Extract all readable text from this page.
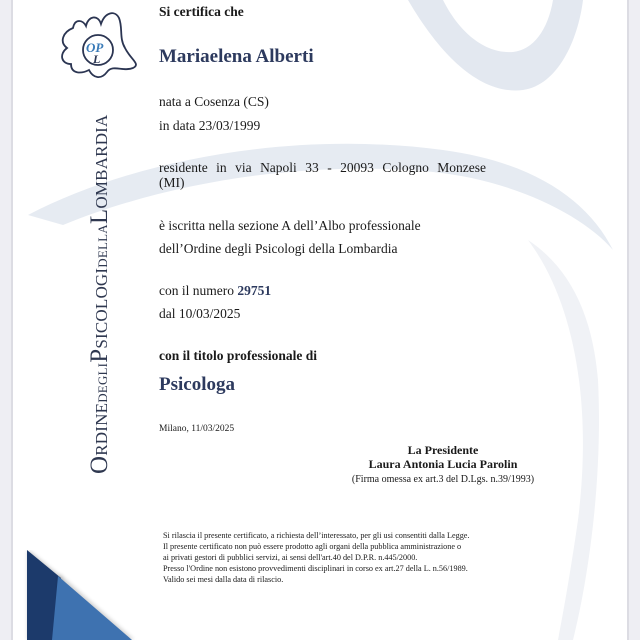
OP
L
ORDINEDEGLIPSICOLOGIDELLALOMBARDIA
Si certifica che
Mariaelena Alberti
nata a Cosenza (CS)
in data 23/03/1999
residente in via Napoli 33 - 20093 Cologno Monzese
(MI)
è iscritta nella sezione A dell’Albo professionale
dell’Ordine degli Psicologi della Lombardia
con il numero 29751
dal 10/03/2025
con il titolo professionale di
Psicologa
Milano, 11/03/2025
La Presidente
Laura Antonia Lucia Parolin
(Firma omessa ex art.3 del D.Lgs. n.39/1993)
Si rilascia il presente certificato, a richiesta dell’interessato, per gli usi consentiti dalla Legge.
Il presente certificato non può essere prodotto agli organi della pubblica amministrazione o
ai privati gestori di pubblici servizi, ai sensi dell'art.40 del D.P.R. n.445/2000.
Presso l'Ordine non esistono provvedimenti disciplinari in corso ex art.27 della L. n.56/1989.
Valido sei mesi dalla data di rilascio.
